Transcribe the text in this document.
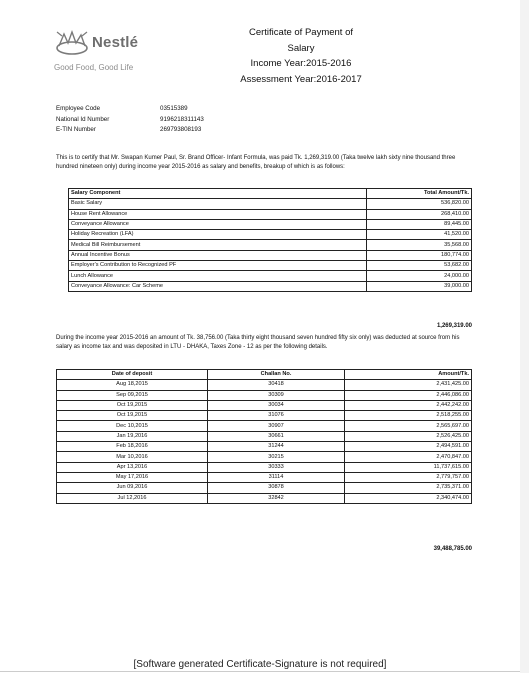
Nestlé
Good Food, Good Life
Certificate of Payment of
Salary
Income Year:2015-2016
Assessment Year:2016-2017
Employee Code	03515389
National Id Number	9196218311143
E-TIN Number	269793808193
This is to certify that Mr. Swapan Kumer Paul, Sr. Brand Officer- Infant Formula, was paid Tk. 1,269,319.00 (Taka twelve lakh sixty nine thousand three hundred nineteen only) during income year 2015-2016 as salary and benefits, breakup of which is as follows:
Salary Component	Total Amount/Tk.
Basic Salary	536,820.00
House Rent Allowance	268,410.00
Conveyance Allowance	89,445.00
Holiday Recreation (LFA)	41,520.00
Medical Bill Reimbursement	35,568.00
Annual Incentive Bonus	180,774.00
Employer's Contribution to Recognized PF	53,682.00
Lunch Allowance	24,000.00
Conveyance Allowance: Car Scheme	39,000.00
1,269,319.00
During the income year 2015-2016 an amount of Tk. 38,756.00 (Taka thirty eight thousand seven hundred fifty six only) was deducted at source from his salary as income tax and was deposited in LTU - DHAKA, Taxes Zone - 12 as per the following details.
Date of deposit	Challan No.	Amount/Tk.
Aug 18,2015	30418	2,431,425.00
Sep 09,2015	30309	2,446,086.00
Oct 19,2015	30034	2,442,242.00
Oct 19,2015	31076	2,518,255.00
Dec 10,2015	30907	2,565,697.00
Jan 19,2016	30661	2,526,425.00
Feb 18,2016	31244	2,494,591.00
Mar 10,2016	30215	2,470,847.00
Apr 13,2016	30333	11,737,615.00
May 17,2016	31114	2,779,757.00
Jun 09,2016	30878	2,735,371.00
Jul 12,2016	32842	2,340,474.00
39,488,785.00
[Software generated Certificate-Signature is not required]
